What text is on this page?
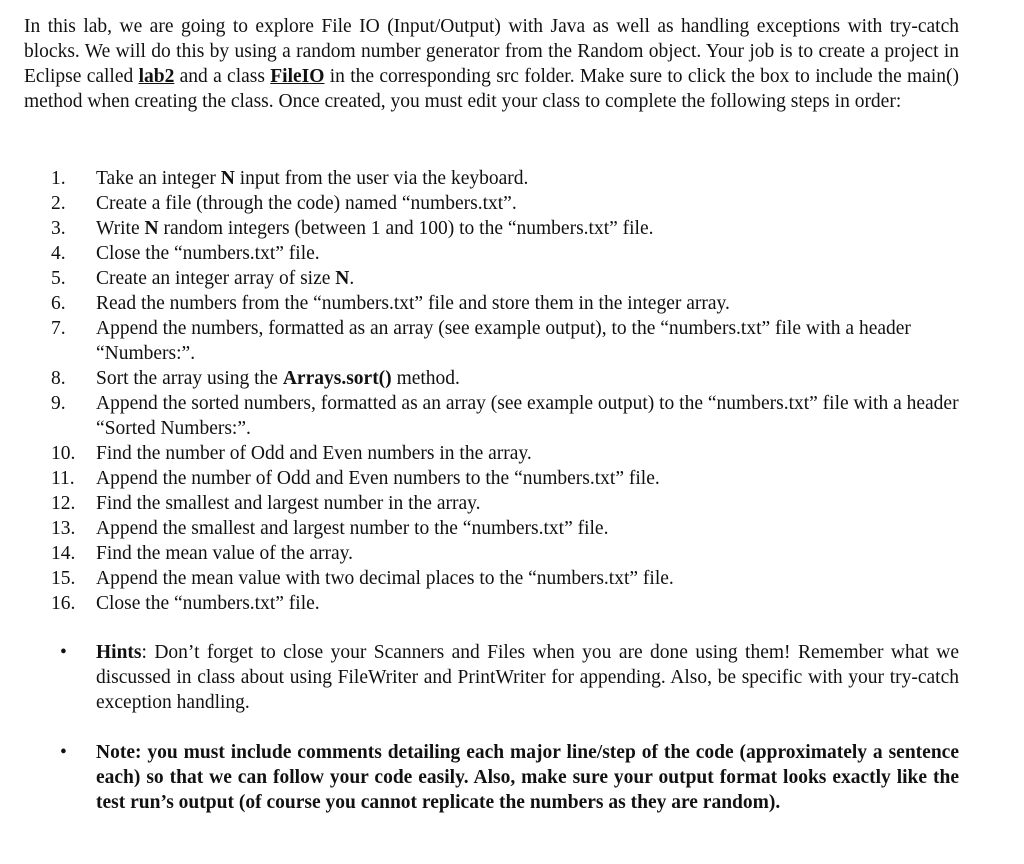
In this lab, we are going to explore File IO (Input/Output) with Java as well as handling exceptions with try-catch blocks. We will do this by using a random number generator from the Random object. Your job is to create a project in Eclipse called lab2 and a class FileIO in the corresponding src folder. Make sure to click the box to include the main() method when creating the class. Once created, you must edit your class to complete the following steps in order:

1.	Take an integer N input from the user via the keyboard.
2.	Create a file (through the code) named “numbers.txt”.
3.	Write N random integers (between 1 and 100) to the “numbers.txt” file.
4.	Close the “numbers.txt” file.
5.	Create an integer array of size N.
6.	Read the numbers from the “numbers.txt” file and store them in the integer array.
7.	Append the numbers, formatted as an array (see example output), to the “numbers.txt” file with a header “Numbers:”.
8.	Sort the array using the Arrays.sort() method.
9.	Append the sorted numbers, formatted as an array (see example output) to the “numbers.txt” file with a header “Sorted Numbers:”.
10.	Find the number of Odd and Even numbers in the array.
11.	Append the number of Odd and Even numbers to the “numbers.txt” file.
12.	Find the smallest and largest number in the array.
13.	Append the smallest and largest number to the “numbers.txt” file.
14.	Find the mean value of the array.
15.	Append the mean value with two decimal places to the “numbers.txt” file.
16.	Close the “numbers.txt” file.
• Hints: Don’t forget to close your Scanners and Files when you are done using them! Remember what we discussed in class about using FileWriter and PrintWriter for appending. Also, be specific with your try-catch exception handling.
• Note: you must include comments detailing each major line/step of the code (approximately a sentence each) so that we can follow your code easily. Also, make sure your output format looks exactly like the test run’s output (of course you cannot replicate the numbers as they are random).
